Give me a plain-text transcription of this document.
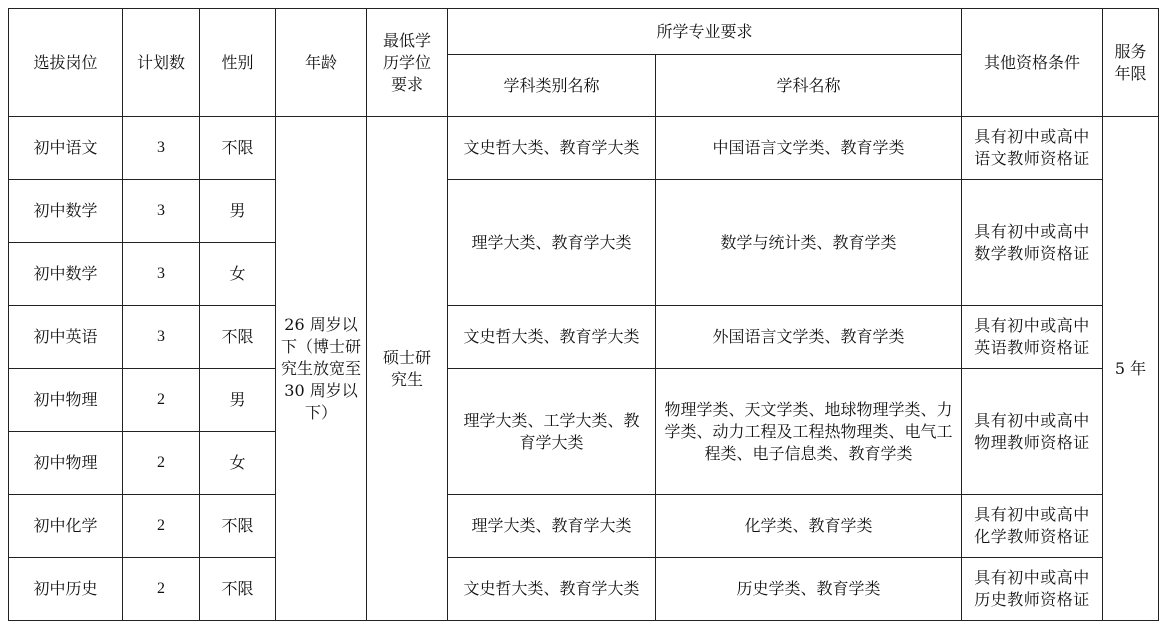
选拔岗位	计划数	性别	年龄	最低学历学位要求	所学专业要求		其他资格条件	服务年限
					学科类别名称	学科名称		
初中语文	3	不限	26 周岁以下（博士研究生放宽至 30 周岁以下）	硕士研究生	文史哲大类、教育学大类	中国语言文学类、教育学类	具有初中或高中语文教师资格证	5 年
初中数学	3	男			理学大类、教育学大类	数学与统计类、教育学类	具有初中或高中数学教师资格证	
初中数学	3	女						
初中英语	3	不限			文史哲大类、教育学大类	外国语言文学类、教育学类	具有初中或高中英语教师资格证	
初中物理	2	男			理学大类、工学大类、教育学大类	物理学类、天文学类、地球物理学类、力学类、动力工程及工程热物理类、电气工程类、电子信息类、教育学类	具有初中或高中物理教师资格证	
初中物理	2	女						
初中化学	2	不限			理学大类、教育学大类	化学类、教育学类	具有初中或高中化学教师资格证	
初中历史	2	不限			文史哲大类、教育学大类	历史学类、教育学类	具有初中或高中历史教师资格证	
